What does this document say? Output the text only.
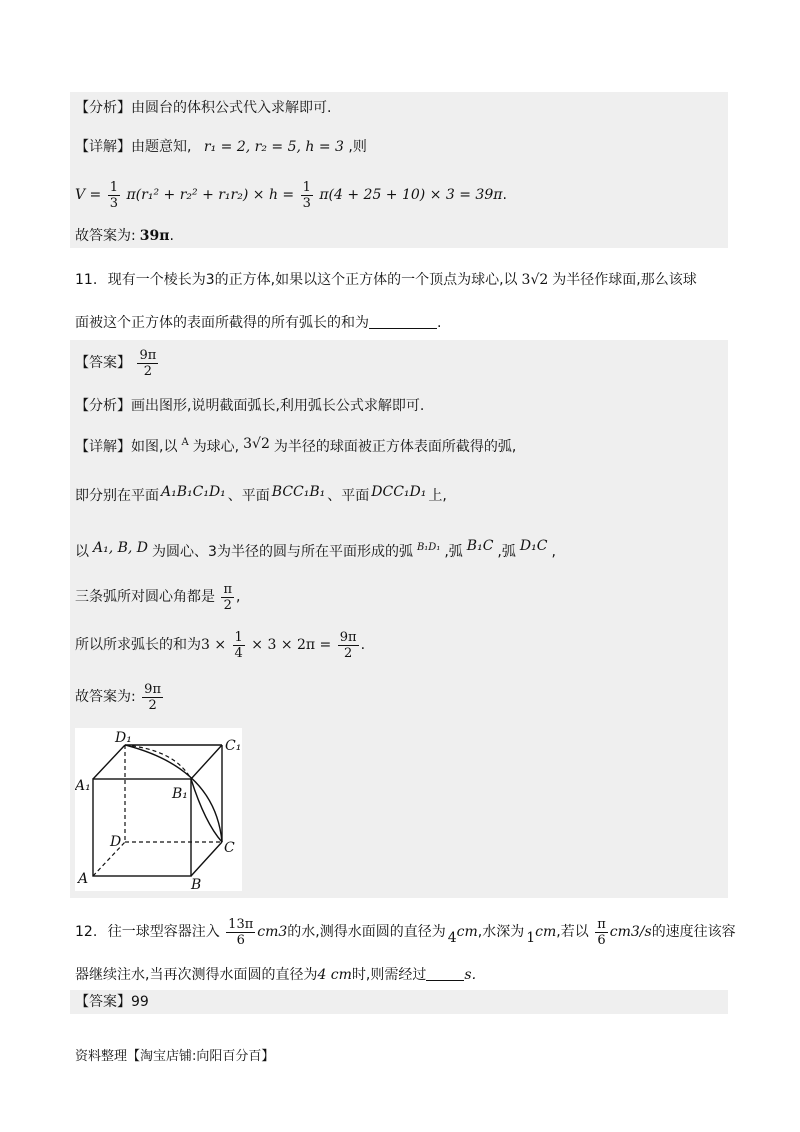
【分析】由圆台的体积公式代入求解即可.
【详解】由题意知, r₁ = 2, r₂ = 5, h = 3 ,则
$V = \frac{1}{3} \pi(r_1^2 + r_2^2 + r_1r_2) \times h = \frac{1}{3} \pi(4 + 25 + 10) \times 3 = 39\pi$.
故答案为: 39π.
11. 现有一个棱长为3的正方体,如果以这个正方体的一个顶点为球心,以 3√2 为半径作球面,那么该球
面被这个正方体的表面所截得的所有弧长的和为	.
【答案】 $\frac{9\pi}{2}$
【分析】画出图形,说明截面弧长,利用弧长公式求解即可.
【详解】如图,以 $^A$ 为球心, 3√2 为半径的球面被正方体表面所截得的弧,
即分别在平面 A₁B₁C₁D₁ 、平面 BCC₁B₁ 、平面 DCC₁D₁ 上,
以 A₁, B, D 为圆心、3为半径的圆与所在平面形成的弧 $^{B_1D_1}$ ,弧 B₁C ,弧 D₁C ,
三条弧所对圆心角都是 $\frac{\pi}{2}$ ,
所以所求弧长的和为$3 \times \frac{1}{4} \times 3 \times 2\pi = \frac{9\pi}{2}$ .
故答案为: $\frac{9\pi}{2}$
D₁	C₁
A₁	B₁
D	C
A	B
12. 往一球型容器注入 $\frac{13\pi}{6} cm3$的水,测得水面圆的直径为 4cm,水深为 1cm,若以 $\frac{\pi}{6} cm3/s$的速度往该容
器继续注水,当再次测得水面圆的直径为4 cm时,则需经过	s.
【答案】99
资料整理【淘宝店铺:向阳百分百】
